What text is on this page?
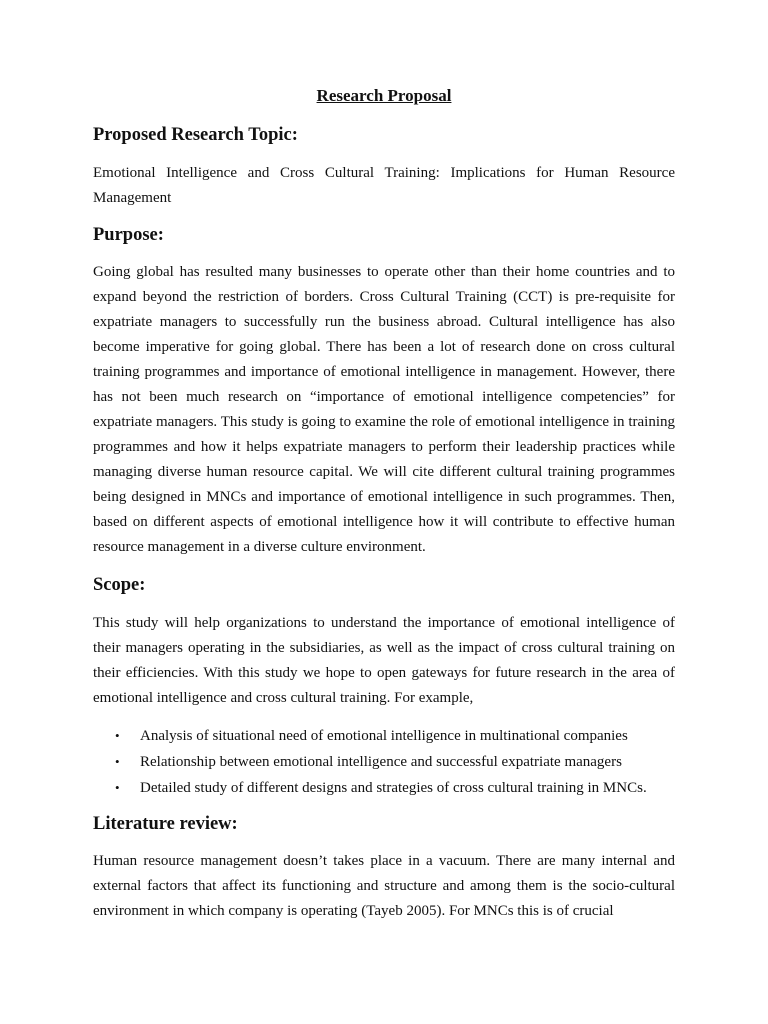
Research Proposal
Proposed Research Topic:

Emotional Intelligence and Cross Cultural Training: Implications for Human Resource Management

Purpose:

Going global has resulted many businesses to operate other than their home countries and to expand beyond the restriction of borders. Cross Cultural Training (CCT) is pre-requisite for expatriate managers to successfully run the business abroad. Cultural intelligence has also become imperative for going global. There has been a lot of research done on cross cultural training programmes and importance of emotional intelligence in management. However, there has not been much research on “importance of emotional intelligence competencies” for expatriate managers. This study is going to examine the role of emotional intelligence in training programmes and how it helps expatriate managers to perform their leadership practices while managing diverse human resource capital. We will cite different cultural training programmes being designed in MNCs and importance of emotional intelligence in such programmes. Then, based on different aspects of emotional intelligence how it will contribute to effective human resource management in a diverse culture environment.

Scope:

This study will help organizations to understand the importance of emotional intelligence of their managers operating in the subsidiaries, as well as the impact of cross cultural training on their efficiencies. With this study we hope to open gateways for future research in the area of emotional intelligence and cross cultural training. For example,

• Analysis of situational need of emotional intelligence in multinational companies
• Relationship between emotional intelligence and successful expatriate managers
• Detailed study of different designs and strategies of cross cultural training in MNCs.
Literature review:

Human resource management doesn’t takes place in a vacuum. There are many internal and external factors that affect its functioning and structure and among them is the socio-cultural environment in which company is operating (Tayeb 2005). For MNCs this is of crucial
